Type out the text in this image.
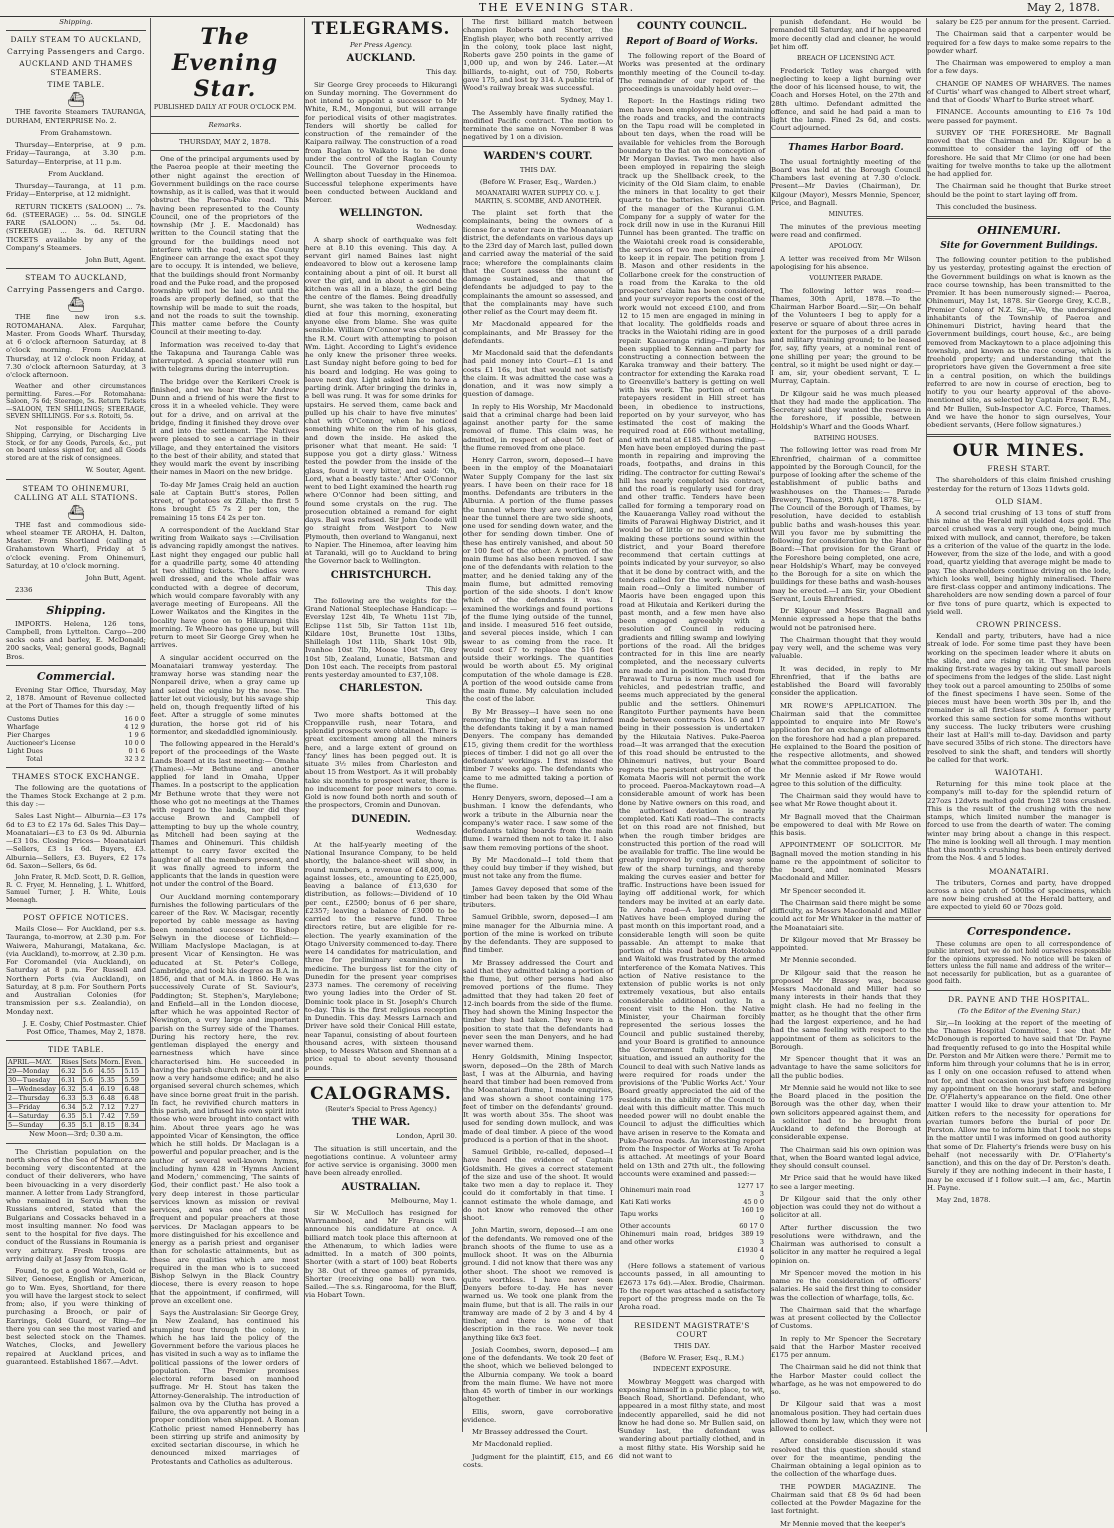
THE EVENING STAR.	May 2, 1878.

Shipping.

DAILY STEAM TO AUCKLAND,
Carrying Passengers and Cargo.
AUCKLAND AND THAMES STEAMERS.
TIME TABLE.
⛴

THE favorite Steamers TAURANGA, DURHAM, ENTERPRISE No. 2.

From Grahamstown.

Thursday—Enterprise, at 9 p.m. Friday—Tauranga, at 3.30 p.m. Saturday—Enterprise, at 11 p.m.

From Auckland.

Thursday—Tauranga, at 11 p.m. Friday—Enterprise, at 12 midnight.

RETURN TICKETS (SALOON) ... 7s. 6d. (STEERAGE) ... 5s. 0d. SINGLE FARE (SALOON) ... 5s. 0d. (STEERAGE) ... 3s. 6d. RETURN TICKETS available by any of the Company's Steamers.

John Butt, Agent.

STEAM TO AUCKLAND,
Carrying Passengers and Cargo.
⛴

THE fine new iron s.s. ROTOMAHANA. Alex. Farquhar, Master. From Goods Wharf. Thursday, at 6 o'clock afternoon Saturday, at 8 o'clock morning. From Auckland. Thursday, at 12 o'clock noon Friday, at 7.30 o'clock afternoon Saturday, at 3 o'clock afternoon.

Weather and other circumstances permitting. Fares.—For Rotomahana: Saloon, 7s 6d; Steerage, 5s. Return Tickets—SALOON, TEN SHILLINGS; STEERAGE, SEVEN SHILLINGS. For s.s. Rotoiti, 5s.

Not responsible for Accidents in Shipping, Carrying, or Discharging Live Stock, or for any Goods, Parcels, &c., put on board unless signed for, and all Goods stored are at the risk of consignees.

W. Souter, Agent.

STEAM TO OHINEMURI, CALLING AT ALL STATIONS.
⛴

THE fast and commodious side-wheel steamer TE AROHA, H. Dalton, Master. From Shortland (calling at Grahamstown Wharf), Friday at 5 o'clock evening. From Ohinemuri, Saturday, at 10 o'clock morning.

John Butt, Agent.

2336

Shipping.

IMPORTS. Helena, 126 tons, Campbell, from Lyttelton. Cargo—200 sacks oats and barley, E. McDonald; 200 sacks, Veal; general goods, Bagnall Bros.

Commercial.

Evening Star Office, Thursday, May 2, 1878. Amount of Revenue collected at the Port of Thames for this day :—

Customs Duties	16 0 0
Wharfage	4 12 9
Pier Charges	1 9 6
Auctioneer's License	10 0 0
Light Dues	0 1 6
Total	32 3 2
THAMES STOCK EXCHANGE.

The following are the quotations of the Thames Stock Exchange at 2 p.m. this day :—

Sales Last Night— Alburnia—£3 17s 6d to £3 to £2 17s 6d. Sales This Day— Moanataiari—£3 to £3 0s 9d. Alburnia—£3 10s. Closing Prices— Moanataiari—Sellers, £3 1s 6d. Buyers, £3. Alburnia—Sellers, £3. Buyers, £2 17s 6d. Saxon—Sellers, 6s 6d.

John Frater, R. McD. Scott, D. R. Gellion, R. C. Fryer, M. Henneling, J. L. Whitford, Samuel Turner, J. H. White, Louis Meenagh.

POST OFFICE NOTICES.

Mails Close— For Auckland, per s.s. Tauranga, to-morrow, at 2.30 p.m. For Waiwera, Mahurangi, Matakana, &c. (via Auckland), to-morrow, at 2.30 p.m. For Coromandel (via Auckland), on Saturday at 8 p.m. For Russell and Northern Ports (via Auckland), on Saturday, at 8 p.m. For Southern Ports and Australian Colonies (for transmission per s.s. Zealandia), on Monday next.

J. E. Cosby, Chief Postmaster. Chief Post Office, Thames, May 2, 1878.

TIDE TABLE.
APRIL—MAY.	Rises	Sets	Morn.	Even.
29—Monday	6.32	5.6	4.55	5.15
30—Tuesday	6.31	5.6	5.35	5.59
1—Wednesday	6.32	5.4	6.19	6.48
2—Thursday	6.33	5.3	6.48	6.48
3—Friday	6.34	5.2	7.12	7.27
4—Saturday	6.35	5.1	7.42	7.59
5—Sunday	6.35	5.1	8.15	8.34

New Moon—3rd; 0.30 a.m.

The Christian population on the north shores of the Sea of Marmora are becoming very discontented at the conduct of their deliverers, who have been bivouacking in a very disorderly manner. A letter from Lady Strangford, who remained in Servia when the Russians entered, stated that the Bulgarians and Cossacks behaved in a most insulting manner. No food was sent to the hospital for five days. The conduct of the Russians in Roumania is very arbitrary. Fresh troops are arriving daily at Jassy from Russia.

Found, to get a good Watch, Gold or Silver, Genoese, English or American, go to Wm. Eyes, Shortland, for there you will have the largest stock to select from; also, if you were thinking of purchasing a Brooch, or pair of Earrings, Gold Guard, or Ring—for there you can see the most varied and best selected stock on the Thames. Watches, Clocks, and Jewellery repaired at Auckland prices, and guaranteed. Established 1867.—Advt.

The Evening Star.

PUBLISHED DAILY AT FOUR O'CLOCK P.M.

Remarks.

THURSDAY, MAY 2, 1878.

One of the principal arguments used by the Paeroa people at their meeting the other night against the erection of Government buildings on the race course township, as it is called, was that it would obstruct the Paeroa-Puke road. This having been represented to the County Council, one of the proprietors of the township (Mr J. E. Macdonald) has written to the Council stating that the ground for the buildings need not interfere with the road, as the County Engineer can arrange the exact spot they are to occupy. It is intended, we believe, that the buildings should front Normanby road and the Puke road, and the proposed township will not be laid out until the roads are properly defined, so that the township will be made to suit the roads, and not the roads to suit the township. This matter came before the County Council at their meeting to-day.

Information was received to-day that the Takapuna and Tauranga Cable was interrupted. A special steamer will run with telegrams during the interruption.

The bridge over the Kerikeri Creek is finished, and we hear that Mr Andrew Dunn and a friend of his were the first to cross it in a wheeled vehicle. They were out for a drive, and on arrival at the bridge, finding it finished they drove over it and into the settlement. The Natives were pleased to see a carriage in their village, and they entertained the visitors to the best of their ability, and stated that they would mark the event by inscribing their names in Maori on the new bridge.

To-day Mr James Craig held an auction sale at Captain Butt's stores, Pollen street, of 'potatoes ex Zillah; the first 5 tons brought £5 7s 2 per ton, the remaining 15 tons £4 2s per ton.

A correspondent of the Auckland Star writing from Waikato says :—Civilisation is advancing rapidly amongst the natives. Last night they engaged our public hall for a quadrille party, some 40 attending at two shilling tickets. The ladies were well dressed, and the whole affair was conducted with a degree of decorum, which would compare favorably with any average meeting of Europeans. All the Lower Waikatos and the Kingites in the locality have gone on to Hikurangi this morning. Te Wheoro has gone up, but will return to meet Sir George Grey when he arrives.

A singular accident occurred on the Moanataiari tramway yesterday. The tramway horse was standing near the Nonpareil drive, when a gray came up and seized the equine by the nose. The latter let out viciously, but his savage ship held on, though frequently lifted of his feet. After a struggle of some minutes duration, the horse got rid of his tormentor, and skedaddled ignominiously.

The following appeared in the Herald's report of the proceedings of the Waste Lands Board at its last meeting:— Omaha (Thames).—Mr Bethune and another applied for land in Omaha, Upper Thames. In a postscript to the application Mr Bethune wrote that they were not those who got no meetings at the Thames with regard to the lands, nor did they accuse Brown and Campbell of attempting to buy up the whole country, as Mitchell had been saying at the Thames and Ohinemuri. This childish attempt to carry favor excited the laughter of all the members present, and it was finally agreed to inform the applicants that the lands in question were not under the control of the Board.

Our Auckland morning contemporary furnishes the following particulars of the career of the Rev. W. Macisgar, recently reported by cable message as having been nominated successor to Bishop Selwyn in the diocese of Lichfield:— William MacIyslope Maclagan, is at present Vicar of Kensington. He was educated at St. Peter's College, Cambridge, and took his degree as B.A. in 1856, and that of M.A. in 1860. He was successively Curate of St. Saviour's, Paddington; St. Stephen's, Marylebone; and Enfield—all in the London diocese, after which he was appointed Rector of Newington, a very large and important parish on the Surrey side of the Thames. During his rectory here, the rev. gentleman displayed the energy and earnestness which have since characterised him. He succeeded in having the parish church re-built, and it is now a very handsome edifice; and he also organised several church schemes, which have since borne great fruit in the parish. In fact, he revivified church matters in this parish, and infused his own spirit into those who were brought into contact with him. About three years ago he was appointed Vicar of Kensington, the office which he still holds. Dr Maclagan is a powerful and popular preacher, and is the author of several well-known hymns, including hymn 428 in 'Hymns Ancient and Modern,' commencing, 'The saints of God, their conflict past.' He also took a very deep interest in those particular services known as mission or revival services, and was one of the most frequent and popular preachers at those services. Dr Maclagan appears to be more distinguished for his excellence and energy as a parish priest and organiser than for scholastic attainments, but as these are qualities which are most required in the man who is to succeed Bishop Selwyn in the Black Country diocese, there is every reason to hope that the appointment, if confirmed, will prove an excellent one.

Says the Australasian: Sir George Grey, in New Zealand, has continued his stumping tour through the colony, in which he has laid the policy of the Government before the various places he has visited in such a way as to inflame the political passions of the lower orders of population. The Premier promises electoral reform based on manhood suffrage. Mr H. Stout has taken the Attorney-Generalship. The introduction of salmon ova by the Clutha has proved a failure, the ova apparently not being in a proper condition when shipped. A Roman Catholic priest named Henneberry has been stirring up strife and animosity by excited sectarian discourse, in which he denounced mixed marriages of Protestants and Catholics as adulterous.

TELEGRAMS.

Per Press Agency.

AUCKLAND.

This day.

Sir George Grey proceeds to Hikurangi on Sunday morning. The Government do not intend to appoint a successor to Mr White, R.M., Mongonui, but will arrange for periodical visits of other magistrates. Tenders will shortly be called for construction of the remainder of the Kaipara railway. The construction of a road from Raglan to Waikato is to be done under the control of the Raglan County Council. The Governor proceeds to Wellington about Tuesday in the Hinemoa. Successful telephone experiments have been conducted between Auckland and Mercer.

WELLINGTON.

Wednesday.

A sharp shock of earthquake was felt here at 8.10 this evening. This day. A servant girl named Baines last night endeavored to blow out a kerosene lamp containing about a pint of oil. It burst all over the girl, and in about a second the kitchen was all in a blaze, the girl being the centre of the flames. Being dreadfully burnt, she was taken to the hospital, but died at four this morning, exonerating anyone else from blame. She was quite sensible. William O'Connor was charged at the R.M. Court with attempting to poison Wm. Light. According to Light's evidence he only knew the prisoner three weeks. Last Sunday night before going to bed for his board and lodging. He was going to leave next day. Light asked him to have a parting drink. After bringing the drinks in, a bell was rung. It was for some drinks for upstairs. He served them, came back and pulled up his chair to have five minutes' chat with O'Connor, when he noticed something white on the rim of his glass, and down the inside. He asked the prisoner what that meant. He said: 'I suppose you got a dirty glass.' Witness tested the powder from the inside of the glass, found it very bitter, and said: 'Oh, Lord, what a beastly taste.' After O'Connor went to bed Light examined the hearth rug where O'Connor had been sitting, and found some crystals on the rug. The prosecution obtained a remand for eight days. Bail was refused. Sir John Coode will go straight from Westport to New Plymouth, then overland to Wanganui, next to Napier. The Hinemoa, after leaving him at Taranaki, will go to Auckland to bring the Governor back to Wellington.

CHRISTCHURCH.

This day.

The following are the weights for the Grand National Steeplechase Handicap: —Everslay 12st 4lb, Te Whetu 11st 7lb, Eclipse 11st 5lb, Sir Tatton 11st 1lb, Kildare 10st, Brunette 10st 13lbs, Shillelagh 10st 11lb, Shark 10st 9lb, Ivanhoe 10st 7lb, Moose 10st 7lb, Grey 10st 5lb, Zealand, Lunatic, Batsman and Don 10st each. The receipts from pastoral rents yesterday amounted to £37,108.

CHARLESTON.

This day.

Two more shafts bottomed at the Croppanville rush, near Totara, and splendid prospects were obtained. There is great excitement among all the miners here, and a large extent of ground on 'fancy' lines has been pegged out. It is situate 3½ miles from Charleston and about 15 from Westport. As it will probably take six months to prospect water, there is no inducement for poor miners to come. Gold is now found both north and south of the prospectors, Cromin and Dunovan.

DUNEDIN.

Wednesday.

At the half-yearly meeting of the National Insurance Company, to be held shortly, the balance-sheet will show, in round numbers, a revenue of £48,000, as against losses, etc., amounting to £25,000, leaving a balance of £13,630 for distribution, as follows:—Dividend of 10 per cent., £2500; bonus of 6 per share, £2357; leaving a balance of £3000 to be carried to the reserve fund. Three directors retire, but are eligible for re-election. The yearly examination of the Otago University commenced to-day. There were 14 candidates for matriculation, and three for preliminary examination in medicine. The burgess list for the city of Dunedin for the present year comprises 2373 names. The ceremony of receiving two young ladies into the Order of St. Dominic took place in St. Joseph's Church to-day. This is the first religious reception in Dunedin. This day. Messrs Larnach and Driver have sold their Conical Hill estate, near Tapanui, consisting of about fourteen thousand acres, with sixteen thousand sheep, to Messrs Watson and Shennan at a price equal to about seventy thousand pounds.

CALOGRAMS.

(Reuter's Special to Press Agency.)

THE WAR.

London, April 30.

The situation is still uncertain, and the negotiations continue. A volunteer army for active service is organising. 3000 men have been already enrolled.

AUSTRALIAN.

Melbourne, May 1.

Sir W. McCulloch has resigned for Warrnambool, and Mr Francis will announce his candidature at once. A billiard match took place this afternoon at the Athenæum, to which ladies were admitted. In a match of 300 points, Shorter (with a start of 100) beat Roberts by 38. Out of three games of pyramids, Shorter (receiving one ball) won two. Sailed.—The s.s. Ringarooma, for the Bluff, via Hobart Town.

The first billiard match between champion Roberts and Shorter, the English player, who both recently arrived in the colony, took place last night, Roberts gave 250 points in the game of 1,000 up, and won by 246. Later.—At billiards, to-night, out of 750, Roberts gave 175, and lost by 314. A public trial of Wood's railway break was successful.

Sydney, May 1.

The Assembly have finally ratified the modified Pacific contract. The motion to terminate the same on November 8 was negatived by 1 on a division.

WARDEN'S COURT.

THIS DAY.

(Before W. Fraser, Esq., Warden.)

MOANATAIRI WATER SUPPLY CO. v. J. MARTIN, S. SCOMBE, AND ANOTHER.

The plaint set forth that the complainants, being the owners of a license for a water race in the Moanataiari district, the defendants on various days up to the 23rd day of March last, pulled down and carried away the material of the said race; wherefore the complainants claim that the Court assess the amount of damage sustained, and that the defendants be adjudged to pay to the complainants the amount so assessed, and that the complainants may have such other relief as the Court may deem fit.

Mr Macdonald appeared for the complainants, and Mr Brassey for the defendants.

Mr Macdonald said that the defendants had paid money into Court—£1 1s and costs £1 16s, but that would not satisfy the claim. It was admitted the case was a donation, and it was now simply a question of damage.

In reply to His Worship, Mr Macdonald said that a criminal charge had been laid against another party for the same removal of flume. This claim was, he admitted, in respect of about 50 feet of the flume removed from one place.

Henry Carron, sworn, deposed—I have been in the employ of the Moanataiari Water Supply Company for the last six years. I have been on their race for 18 months. Defendants are tributers in the Alburnia. A portion of the flume passes the tunnel where they are working, and near the tunnel there are two side shoots, one used for sending down water, and the other for sending down timber. One of these has entirely vanished, and about 50 or 100 feet of the other. A portion of the main flume has also been removed. I saw one of the defendants with relation to the matter, and he denied taking any of the main flume, but admitted removing portion of the side shoots. I don't know which of the defendants it was. I examined the workings and found portions of the flume lying outside of the tunnel, and inside. I measured 516 feet outside, and several pieces inside, which I can swear to as coming from the race. It would cost £7 to replace the 516 feet outside their workings. The quantities would be worth about £5. My original computation of the whole damage is £28. A portion of the wood outside came from the main flume. My calculation included the cost of the labor.

By Mr Brassey—I have seen no one removing the timber, and I was informed the defendants taking it by a man named Denyers. The company has demanded £15, giving them credit for the worthless pieces of timber. I did not go all over the defendants' workings. I first missed the timber 7 weeks ago. The defendants who came to me admitted taking a portion of the flume.

Henry Denyers, sworn, deposed—I am a bushman. I know the defendants, who work a tribute in the Alburnia near the company's water race. I saw some of the defendants taking boards from the main flume. I warned them not to take it. I also saw them removing portions of the shoot.

By Mr Macdonald—I told them that they could buy timber if they wished, but must not take any from the flume.

James Gavey deposed that some of the timber had been taken by the Old Whau tributers.

Samuel Gribble, sworn, deposed—I am mine manager for the Alburnia mine. A portion of the mine is worked on tribute by the defendants. They are supposed to find timber.

Mr Brassey addressed the Court and said that they admitted taking a portion of the flume, but other persons had also removed portions of the flume. They admitted that they had taken 20 feet of 12-inch boards from the side of the flume. They had shown the Mining Inspector the timber they had taken. They were in a position to state that the defendants had never seen the man Denyers, and he had never warned them.

Henry Goldsmith, Mining Inspector, sworn, deposed—On the 28th of March last, I was at the Alburnia, and having heard that timber had been removed from the Moanataiari flume, I made enquiries, and was shown a shoot containing 175 feet of timber on the defendants' ground. It was worth about 35s. The shoot was used for sending down mullock, and was made of deal timber. A piece of the wood produced is a portion of that in the shoot.

Samuel Gribble, re-called, deposed—I have heard the evidence of Captain Goldsmith. He gives a correct statement of the size and use of the shoot. It would take two men a day to replace it. They could do it comfortably in that time. I cannot estimate the whole damage, and do not know who removed the other shoot.

John Martin, sworn, deposed—I am one of the defendants. We removed one of the branch shoots of the flume to use as a mullock shoot. It was on the Alburnia ground. I did not know that there was any other shoot. The shoot we removed is quite worthless. I have never seen Denyers before to-day. He has never warned us. We took one plank from the main flume, but that is all. The rails in our tramway are made of 2 by 3 and 4 by 4 timber, and there is none of that description in the race. We never took anything like 6x3 feet.

Josiah Coombes, sworn, deposed—I am one of the defendants. We took 20 feet of the shoot, which we believed belonged to the Alburnia company. We took a board from the main flume. We have not more than 45 worth of timber in our workings altogether.

Ellis, sworn, gave corroborative evidence.

Mr Brassey addressed the Court.

Mr Macdonald replied.

Judgment for the plaintiff, £15, and £6 costs.

COUNTY COUNCIL.
Report of Board of Works.

The following report of the Board of Works was presented at the ordinary monthly meeting of the Council to-day. The remainder of our report of the proceedings is unavoidably held over:—

Report: In the Hastings riding two men have been employed in maintaining the roads and tracks, and the contracts on the Tapu road will be completed in about ten days, when the road will be available for vehicles from the Borough boundary to the flat on the conception of Mr Morgan Davies. Two men have also been employed in repairing the sleigh track up the Shellback creek, to the vicinity of the Old Siam claim, to enable the miners in that locality to get their quartz to the batteries. The application of the manager of the Kuranui G.M. Company for a supply of water for the rock drill now in use in the Kuranui Hill Tunnel has been granted. The traffic on the Waiotahi creek road is considerable, the services of two men being required to keep it in repair. The petition from J. B. Mason and other residents in the Collarbone creek for the construction of a road from the Karaka to the old prospectors' claim has been considered, and your surveyor reports the cost of the work would not exceed £100, and from 12 to 15 men are engaged in mining in that locality. The goldfields roads and tracks in the Waiotahi riding are in good repair. Kauaeranga riding—Timber has been supplied to Kennan and party for constructing a connection between the Karaka tramway and their battery. The contractor for extending the Karaka road to Greenville's battery is getting on well with his work. The portion of certain ratepayers resident in Hill street has been, in obedience to instructions, reported on by your surveyor, who has estimated the cost of making the required road at £66 without metalling, and with metal at £185. Thames riding.—Men have been employed during the past month in repairing and improving the roads, footpaths, and drains in this riding. The contractor for cutting Rewai's hill has nearly completed his contract, and the road is regularly used for dray and other traffic. Tenders have been called for forming a temporary road on the Kauaeranga Valley road without the limits of Parawai Highway District, and it would be of little or no service without making these portions sound within the district, and your Board therefore recommend that certain cuttings at points indicated by your surveyor, so also that it be done by contract with, and the tenders called for the work. Ohinemuri main road—Only a limited number of Maoris have been engaged upon this road at Hikutaia and Kerikeri during the past month, and a few men have also been engaged agreeably with a resolution of Council in reducing gradients and filling swamp and lowlying portions of the road. All the bridges contracted for in this line are nearly completed, and the necessary culverts are made and in position. The road from Parawai to Turua is now much used for vehicles, and pedestrian traffic, and seems much appreciated by the general public and the settlers. Ohinemuri Rangitoto Further payments have been made between contracts Nos. 16 and 17 being in their possession is undertaken by the Hikutaia Natives. Puke-Paeroa road—It was arranged that the execution of this road should be entrusted to the Ohinemuri natives, but your Board regrets the persistent obstruction of the Komata Maoris will not permit the work to proceed. Paeroa-Mackaytown road—A considerable amount of work has been done by Native owners on this road, and the authorised deviation is nearly completed. Kati Kati road—The contracts let on this road are not finished, but when the rough timber bridges are constructed this portion of the road will be available for traffic. The line would be greatly improved by cutting away some few of the sharp turnings, and thereby making the curves easier and better for traffic. Instructions have been issued for laying off additional work, for which tenders may be invited at an early date. Te Aroha road—A large number of Natives have been employed during the past month on this important road, and a considerable length will soon be quite passable. An attempt to make that portion of this road between Hotokoho and Waitoki was frustrated by the armed interference of the Komata Natives. This action of Native resistance to the extension of public works is not only extremely vexatious, but also entails considerable additional outlay. In a recent visit to the Hon. the Native Minister, your Chairman forcibly represented the serious losses the Council and public sustained thereby, and your Board is gratified to announce the Government fully realised the situation, and issued an authority for the Council to deal with such Native lands as were required for roads under the provisions of the 'Public Works Act.' Your Board greatly appreciated the aid of the residents in the ability of the Council to deal with this difficult matter. This much needed power will no doubt enable the Council to adjust the difficulties which have arisen in reserve to the Komata and Puke-Paeroa roads. An interesting report from the Inspector of Works at Te Aroha is attached. At meetings of your Board held on 13th and 27th ult., the following accounts were examined and passed:—

Ohinemuri main road	1277 17 3
Kati Kati works	45 0 0
Tapu works	160 19 0
Other accounts	60 17 0
Ohinemuri main road, bridges and other works	389 19 3
	£1930 4 0

(Here follows a statement of various accounts passed, in all amounting to £2673 17s 6d).—Alex. Brodie, Chairman. To the report was attached a satisfactory report of the progress made on the Te Aroha road.

RESIDENT MAGISTRATE'S COURT

THIS DAY.

(Before W. Fraser, Esq., R.M.)

INDECENT EXPOSURE.

Mowbray Meggett was charged with exposing himself in a public place, to wit, Beach Road, Shortland. Defendant, who appeared in a most filthy state, and most indecently apparelled, said he did not know he had done so. Mr Bullen said, on Sunday last, the defendant was wandering about partially clothed, and in a most filthy state. His Worship said he did not want to

punish defendant. He would be remanded till Saturday, and if he appeared more decently clad and cleaner, he would let him off.

BREACH OF LICENSING ACT.

Frederick Tetley was charged with neglecting to keep a light burning over the door of his licensed house, to wit, the Coach and Horses Hotel, on the 27th and 28th ultimo. Defendant admitted the offence, and said he had paid a man to light the lamp. Fined 2s 6d, and costs. Court adjourned.

Thames Harbor Board.

The usual fortnightly meeting of the Board was held at the Borough Council Chambers last evening at 7.30 o'clock. Present—Mr Davies (Chairman), Dr. Kilgour (Mayor), Messrs Mennie, Spencer, Price, and Bagnall.

MINUTES.

The minutes of the previous meeting were read and confirmed.

APOLOGY.

A letter was received from Mr Wilson apologising for his absence.

VOLUNTEER PARADE.

The following letter was read:— Thames, 30th April, 1878.—To the Chairman Harbor Board.—Sir,—On behalf of the Volunteers I beg to apply for a reserve or square of about three acres in extent for the purposes of a drill parade and military training ground; to be leased for, say, fifty years, at a nominal rent of one shilling per year; the ground to be central, so it might be used night or day.—I am, sir, your obedient servant, T. L. Murray, Captain.

Dr Kilgour said he was much pleased that they had made the application. The Secretary said they wanted the reserve in the foreshore, if possible, between Holdship's Wharf and the Goods Wharf.

BATHING HOUSES.

The following letter was read from Mr Ehrenfried, chairman of a committee appointed by the Borough Council, for the purpose of looking after the scheme of the establishment of public baths and washhouses on the Thames:— Parade Brewery, Thames, 29th April, 1878. Sir,—The Council of the Borough of Thames, by resolution, have decided to establish public baths and wash-houses this year. Will you favor me by submitting the following for consideration by the Harbor Board:—That provision for the Grant of the Foreshore being completed, one acre, near Holdship's Wharf, may be conveyed to the Borough for a site on which the buildings for these baths and wash-houses may be erected.—I am Sir, your Obedient Servant, Louis Ehrenfried.

Dr Kilgour and Messrs Bagnall and Mennie expressed a hope that the baths would not be patronised here.

The Chairman thought that they would pay very well, and the scheme was very valuable.

It was decided, in reply to Mr Ehrenfried, that if the baths are established the Board will favorably consider the application.

MR ROWE'S APPLICATION. The Chairman said that the committee appointed to enquire into Mr Rowe's application for an exchange of allotments on the foreshore had had a plan prepared. He explained to the Board the position of the respective allotments, and showed what the committee proposed to do.

Mr Mennie asked if Mr Rowe would agree to this solution of the difficulty.

The Chairman said they would have to see what Mr Rowe thought about it.

Mr Bagnall moved that the Chairman be empowered to deal with Mr Rowe on this basis.

APPOINTMENT OF SOLICITOR. Mr Bagnall moved the motion standing in his name re the appointment of solicitor to the board, and nominated Messrs Macdonald and Miller.

Mr Spencer seconded it.

The Chairman said there might be some difficulty, as Messrs Macdonald and Miller could act for Mr Whitaker in the matter of the Moanataiari site.

Dr Kilgour moved that Mr Brassey be appointed.

Mr Mennie seconded.

Dr Kilgour said that the reason he proposed Mr Brassey was, because Messrs Macdonald and Miller had so many interests in their hands that they might clash. He had no feeling in the matter, as he thought that the other firm had the largest experience, and he had had the same feeling with respect to the appointment of them as solicitors to the Borough.

Mr Spencer thought that it was an advantage to have the same solicitors for all the public bodies.

Mr Mennie said he would not like to see the Board placed in the position the Borough was the other day, when their own solicitors appeared against them, and a solicitor had to be brought from Auckland to defend the Borough at considerable expense.

The Chairman said his own opinion was that, when the Board wanted legal advice, they should consult counsel.

Mr Price said that he would have liked to see a larger meeting.

Dr Kilgour said that the only other objection was could they not do without a solicitor at all.

After further discussion the two resolutions were withdrawn, and the Chairman was authorised to consult a solicitor in any matter he required a legal opinion on.

Mr Spencer moved the motion in his name re the consideration of officers' salaries. He said the first thing to consider was the collection of wharfage, tolls, &c.

The Chairman said that the wharfage was at present collected by the Collector of Customs.

In reply to Mr Spencer the Secretary said that the Harbor Master received £175 per annum.

The Chairman said he did not think that the Harbor Master could collect the wharfage, as he was not empowered to do so.

Dr Kilgour said that was a most anomalous position. They had certain dues allowed them by law, which they were not allowed to collect.

After considerable discussion it was resolved that this question should stand over for the meantime, pending the Chairman obtaining a legal opinion as to the collection of the wharfage dues.

THE POWDER MAGAZINE. The Chairman said that £8 9s 6d had been collected at the Powder Magazine for the last fortnight.

Mr Mennie moved that the keeper's

salary be £25 per annum for the present. Carried.

The Chairman said that a carpenter would be required for a few days to make some repairs to the powder wharf.

The Chairman was empowered to employ a man for a few days.

CHANGE OF NAMES OF WHARVES. The names of Curtis' wharf was changed to Albert street wharf, and that of Goods' Wharf to Burke street wharf.

FINANCE. Accounts amounting to £16 7s 10d were passed for payment.

SURVEY OF THE FORESHORE. Mr Bagnall moved that the Chairman and Dr. Kilgour be a committee to consider the laying off of the foreshore. He said that Mr Climo (or one had been waiting for twelve months to take up the allotment he had applied for.

The Chairman said he thought that Burke street should be the point to start laying off from.

This concluded the business.

OHINEMURI.
Site for Government Buildings.

The following counter petition to the published by us yesterday, protesting against the erection of the Government buildings on what is known as the race course township, has been transmitted to the Premier. It has been numerously signed:— Paeroa, Ohinemuri, May 1st, 1878. Sir George Grey, K.C.B., Premier Colony of N.Z. Sir,—We, the undersigned inhabitants of the Township of Paeroa and Ohinemuri District, having heard that the Government buildings, court house, &c., are being removed from Mackaytown to a place adjoining this township, and known as the race course, which is freehold property; and understanding that the proprietors have given the Government a free site in a central position, on which the buildings referred to are now in course of erection, beg to notify to you our hearty approval of the above-mentioned site, as selected by Captain Fraser, R.M., and Mr Bullen, Sub-Inspector A.C. Force, Thames. And we have the honor to sign ourselves, Your obedient servants, (Here follow signatures.)

OUR MINES.
FRESH START.

The shareholders of this claim finished crushing yesterday for the return of 13ozs 11dwts gold.

OLD SIAM.

A second trial crushing of 13 tons of stuff from this mine at the Herald mill yielded 4ozs gold. The parcel crushed was a very rough one, being much mixed with mullock, and cannot, therefore, be taken as a criterion of the value of the quartz in the lode. However, from the size of the lode, and with a good road, quartz yielding that average might be made to pay. The shareholders continue driving on the lode, which looks well, being highly mineralised. There are first-class copper and antimony indications. The shareholders are now sending down a parcel of four or five tons of pure quartz, which is expected to yield well.

CROWN PRINCESS.

Kendall and party, tributers, have had a nice streak of lode. For some time past they have been working on the specimen leader where it abuts on the slide, and are rising on it. They have been making first-rate wages by taking out small parcels of specimens from the ledges of the slide. Last night they took out a parcel amounting to 250lbs of some of the finest specimens I have seen. Some of the pieces must have been worth 30s per lb, and the remainder is all first-class stuff. A former party worked this same section for some months without any success. The lucky tributers were crushing their last at Hall's mill to-day. Davidson and party have secured 35lbs of rich stone. The directors have resolved to sink the shaft, and tenders will shortly be called for that work.

WAIOTAHI.

Returning for this mine took place at the company's mill to-day for the splendid return of 227ozs 12dwts melted gold from 128 tons crushed. This is the result of the crushing with the new stamps, which limited number the manager is forced to use from the dearth of water. The coming winter may bring about a change in this respect. The mine is looking well all through. I may mention that this month's crushing has been entirely derived from the Nos. 4 and 5 lodes.

MOANATAIRI.

The tributers, Cornes and party, have dropped across a nice patch of 500lbs of specimens, which are now being crushed at the Herald battery, and are expected to yield 60 or 70ozs gold.

Correspondence.

These columns are open to all correspondence of public interest, but we do not hold ourselves responsible for the opinions expressed. No notice will be taken of letters unless the full name and address of the writer—not necessarily for publication, but as a guarantee of good faith.

DR. PAYNE AND THE HOSPITAL.

(To the Editor of the Evening Star.)

Sir,—In looking at the report of the meeting of the Thames Hospital Committee, I see that Mr McDonough is reported to have said that 'Dr. Payne had frequently refused to go into the Hospital while Dr. Perston and Mr Aitken were there.' Permit me to inform him through your columns that he is in error, as I only on one occasion refused to attend when not for, and that occasion was just before resigning my appointment on the honorary staff, and before Dr. O'Flaherty's appearance on the field. One other matter I would like to draw your attention to. Mr Aitken refers to the necessity for operations for ovarian tumors before the burial of poor Dr. Perston. Allow me to inform him that I took no steps in the matter until I was informed on good authority that some of Dr. Flaherty's friends were busy on his behalf (not necessarily with Dr. O'Flaherty's sanction), and this on the day of Dr. Perston's death. Surely if they are nothing indecent in their haste, I may be excused if I follow suit.—I am, &c., Martin H. Payne.

May 2nd, 1878.
